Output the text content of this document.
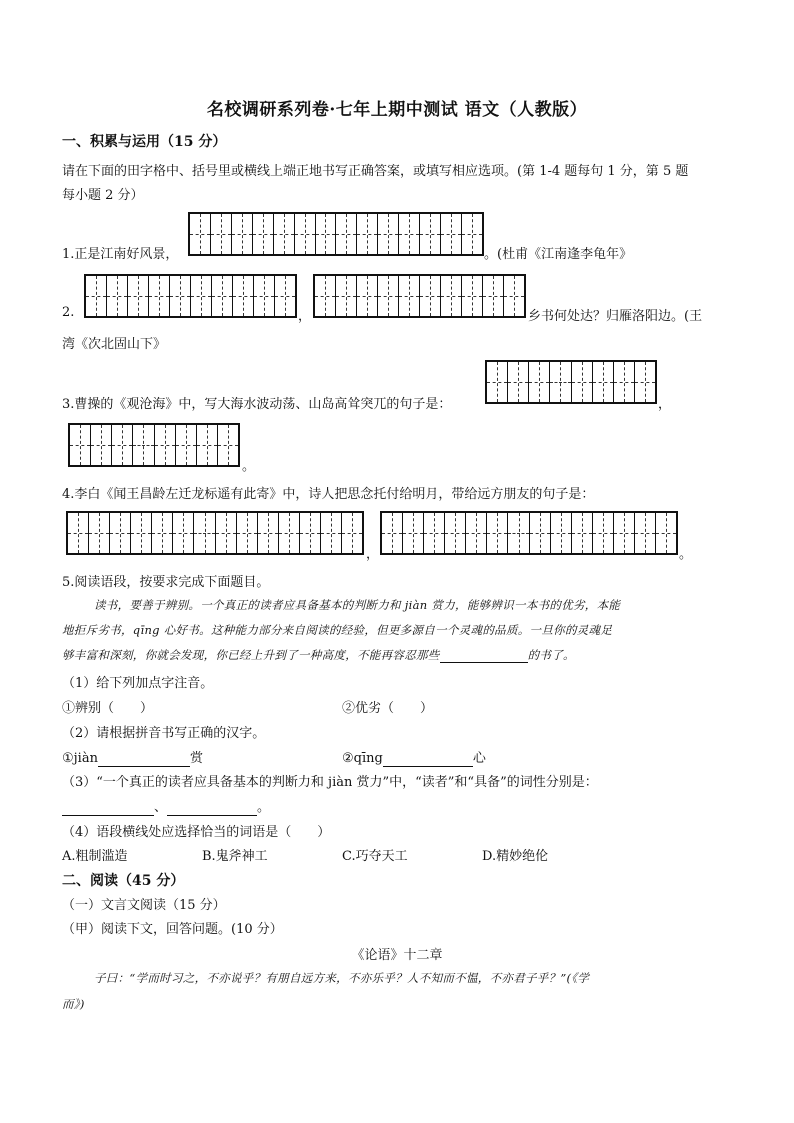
名校调研系列卷·七年上期中测试 语文（人教版）
一、积累与运用（15 分）
请在下面的田字格中、括号里或横线上端正地书写正确答案，或填写相应选项。(第 1-4 题每句 1 分，第 5 题
每小题 2 分）
1.正是江南好风景，	。(杜甫《江南逢李龟年》
2.	，	乡书何处达？归雁洛阳边。(王
湾《次北固山下》
3.曹操的《观沧海》中，写大海水波动荡、山岛高耸突兀的句子是：	，
。
4.李白《闻王昌龄左迁龙标遥有此寄》中，诗人把思念托付给明月，带给远方朋友的句子是：
，	。
5.阅读语段，按要求完成下面题目。
读书，要善于辨别。一个真正的读者应具备基本的判断力和 jiàn 赏力，能够辨识一本书的优劣，本能
地拒斥劣书，qīng 心好书。这种能力部分来自阅读的经验，但更多源自一个灵魂的品质。一旦你的灵魂足
够丰富和深刻，你就会发现，你已经上升到了一种高度，不能再容忍那些	的书了。
（1）给下列加点字注音。
①辨别（　　）	②优劣（　　）
（2）请根据拼音书写正确的汉字。
①jiàn	赏	②qīng	心
（3）“一个真正的读者应具备基本的判断力和 jiàn 赏力”中，“读者”和“具备”的词性分别是：
、	。
（4）语段横线处应选择恰当的词语是（　　）
A.粗制滥造	B.鬼斧神工	C.巧夺天工	D.精妙绝伦
二、阅读（45 分）
（一）文言文阅读（15 分）
（甲）阅读下文，回答问题。(10 分）
《论语》十二章
子曰：“学而时习之，不亦说乎？有朋自远方来，不亦乐乎？人不知而不愠，不亦君子乎？”(《学
而》)
